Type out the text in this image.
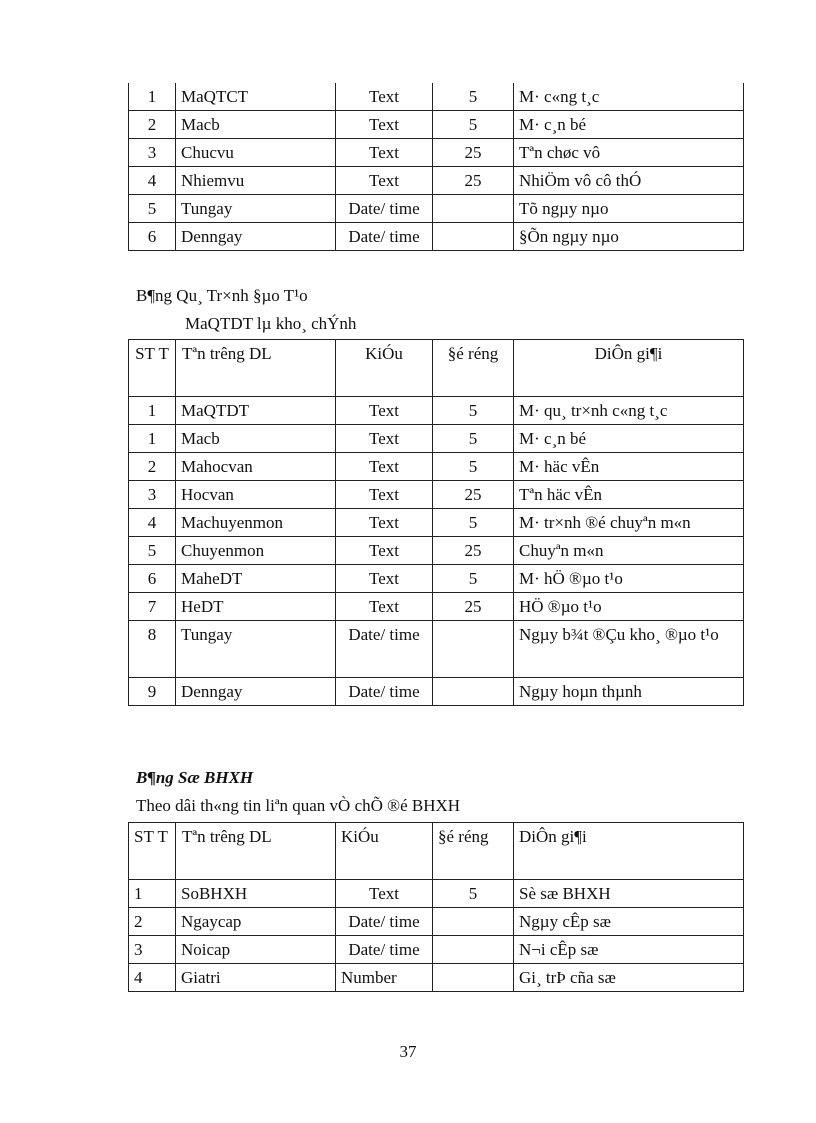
1	MaQTCT	Text	5	M· c«ng t¸c
2	Macb	Text	5	M· c¸n bé
3	Chucvu	Text	25	Tªn chøc vô
4	Nhiemvu	Text	25	NhiÖm vô cô thÓ
5	Tungay	Date/ time		Tõ ngµy nµo
6	Denngay	Date/ time		§Õn ngµy nµo
B¶ng Qu¸ Tr×nh §µo T¹o
MaQTDT lµ kho¸ chÝnh
ST T	Tªn trêng DL	KiÓu	§é réng	DiÔn gi¶i
1	MaQTDT	Text	5	M· qu¸ tr×nh c«ng t¸c
1	Macb	Text	5	M· c¸n bé
2	Mahocvan	Text	5	M· häc vÊn
3	Hocvan	Text	25	Tªn häc vÊn
4	Machuyenmon	Text	5	M· tr×nh ®é chuyªn m«n
5	Chuyenmon	Text	25	Chuyªn m«n
6	MaheDT	Text	5	M· hÖ ®µo t¹o
7	HeDT	Text	25	HÖ ®µo t¹o
8	Tungay	Date/ time		Ngµy b¾t ®Çu kho¸ ®µo t¹o
9	Denngay	Date/ time		Ngµy hoµn thµnh
B¶ng Sæ BHXH
Theo dâi th«ng tin liªn quan vÒ chÕ ®é BHXH
ST T	Tªn trêng DL	KiÓu	§é réng	DiÔn gi¶i
1	SoBHXH	Text	5	Sè sæ BHXH
2	Ngaycap	Date/ time		Ngµy cÊp sæ
3	Noicap	Date/ time		N¬i cÊp sæ
4	Giatri	Number		Gi¸ trÞ cña sæ
37
